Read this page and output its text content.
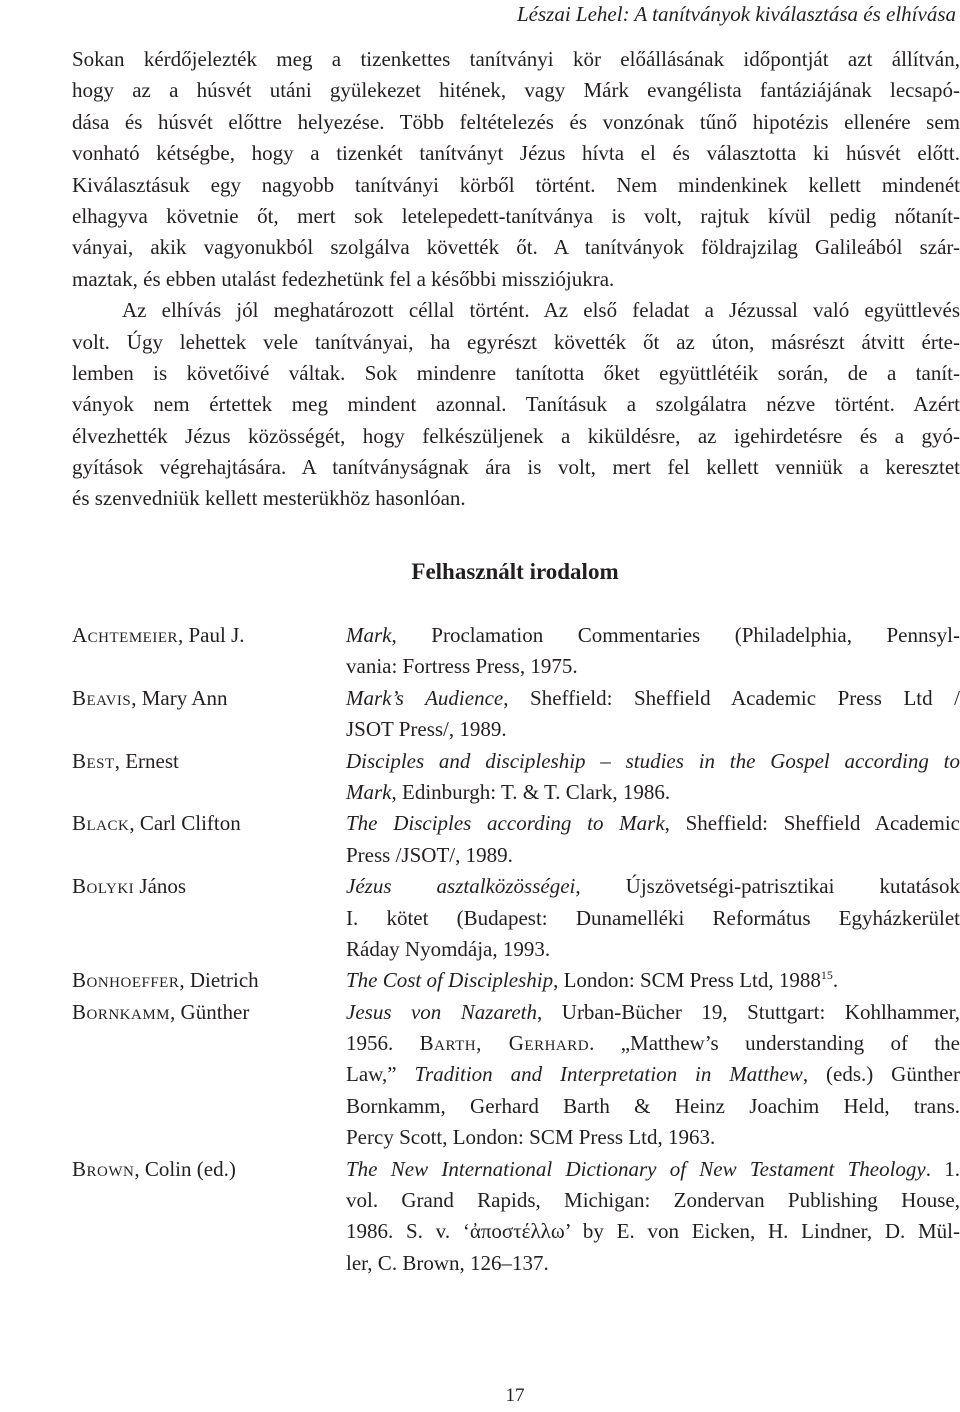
Lészai Lehel: A tanítványok kiválasztása és elhívása
Sokan kérdőjelezték meg a tizenkettes tanítványi kör előállásának időpontját azt állítván,
hogy az a húsvét utáni gyülekezet hitének, vagy Márk evangélista fantáziájának lecsapó-
dása és húsvét előttre helyezése. Több feltételezés és vonzónak tűnő hipotézis ellenére sem
vonható kétségbe, hogy a tizenkét tanítványt Jézus hívta el és választotta ki húsvét előtt.
Kiválasztásuk egy nagyobb tanítványi körből történt. Nem mindenkinek kellett mindenét
elhagyva követnie őt, mert sok letelepedett-tanítványa is volt, rajtuk kívül pedig nőtanít-
ványai, akik vagyonukból szolgálva követték őt. A tanítványok földrajzilag Galileából szár-
maztak, és ebben utalást fedezhetünk fel a későbbi missziójukra.
Az elhívás jól meghatározott céllal történt. Az első feladat a Jézussal való együttlevés
volt. Úgy lehettek vele tanítványai, ha egyrészt követték őt az úton, másrészt átvitt érte-
lemben is követőivé váltak. Sok mindenre tanította őket együttlétéik során, de a tanít-
ványok nem értettek meg mindent azonnal. Tanításuk a szolgálatra nézve történt. Azért
élvezhették Jézus közösségét, hogy felkészüljenek a kiküldésre, az igehirdetésre és a gyó-
gyítások végrehajtására. A tanítványságnak ára is volt, mert fel kellett venniük a keresztet
és szenvedniük kellett mesterükhöz hasonlóan.
Felhasznált irodalom
Achtemeier, Paul J.	Mark, Proclamation Commentaries (Philadelphia, Pennsyl-
vania: Fortress Press, 1975.
Beavis, Mary Ann	Mark’s Audience, Sheffield: Sheffield Academic Press Ltd /
JSOT Press/, 1989.
Best, Ernest	Disciples and discipleship – studies in the Gospel according to
Mark, Edinburgh: T. & T. Clark, 1986.
Black, Carl Clifton	The Disciples according to Mark, Sheffield: Sheffield Academic
Press /JSOT/, 1989.
Bolyki János	Jézus asztalközösségei, Újszövetségi-patrisztikai kutatások
I. kötet (Budapest: Dunamelléki Református Egyházkerület
Ráday Nyomdája, 1993.
Bonhoeffer, Dietrich	The Cost of Discipleship, London: SCM Press Ltd, 1988$^{15}$.
Bornkamm, Günther	Jesus von Nazareth, Urban-Bücher 19, Stuttgart: Kohlhammer,
1956. Barth, Gerhard. „Matthew’s understanding of the
Law,” Tradition and Interpretation in Matthew, (eds.) Günther
Bornkamm, Gerhard Barth & Heinz Joachim Held, trans.
Percy Scott, London: SCM Press Ltd, 1963.
Brown, Colin (ed.)	The New International Dictionary of New Testament Theology. 1.
vol. Grand Rapids, Michigan: Zondervan Publishing House,
1986. S. v. ‘ἀποστέλλω’ by E. von Eicken, H. Lindner, D. Mül-
ler, C. Brown, 126–137.
17
